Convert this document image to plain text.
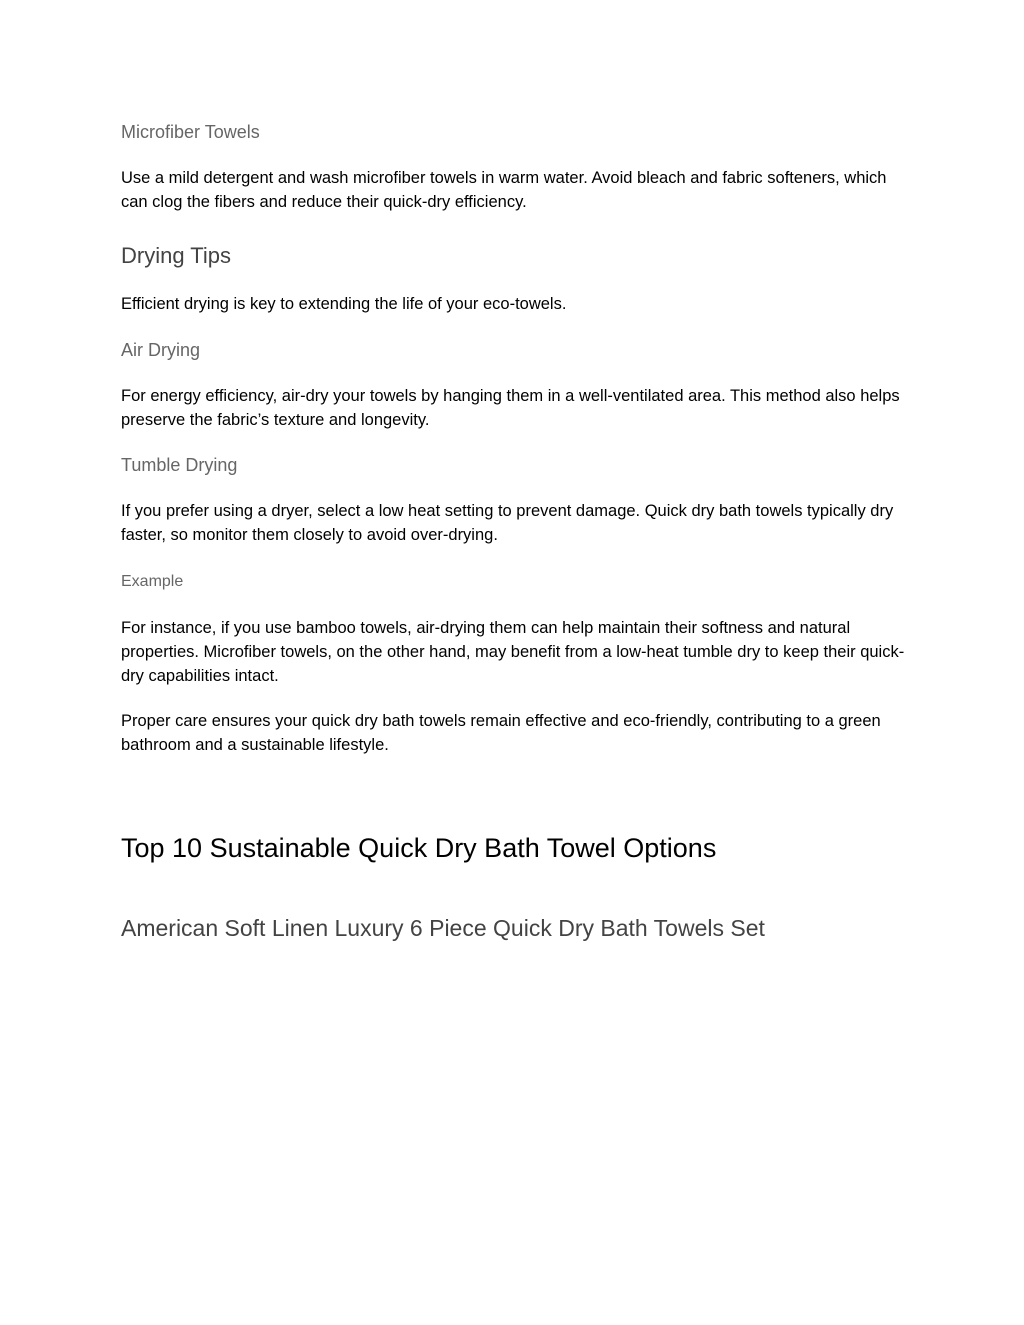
Microfiber Towels

Use a mild detergent and wash microfiber towels in warm water. Avoid bleach and fabric softeners, which can clog the fibers and reduce their quick-dry efficiency.

Drying Tips

Efficient drying is key to extending the life of your eco-towels.

Air Drying

For energy efficiency, air-dry your towels by hanging them in a well-ventilated area. This method also helps preserve the fabric’s texture and longevity.

Tumble Drying

If you prefer using a dryer, select a low heat setting to prevent damage. Quick dry bath towels typically dry faster, so monitor them closely to avoid over-drying.

Example

For instance, if you use bamboo towels, air-drying them can help maintain their softness and natural properties. Microfiber towels, on the other hand, may benefit from a low-heat tumble dry to keep their quick-dry capabilities intact.

Proper care ensures your quick dry bath towels remain effective and eco-friendly, contributing to a green bathroom and a sustainable lifestyle.

Top 10 Sustainable Quick Dry Bath Towel Options
American Soft Linen Luxury 6 Piece Quick Dry Bath Towels Set
